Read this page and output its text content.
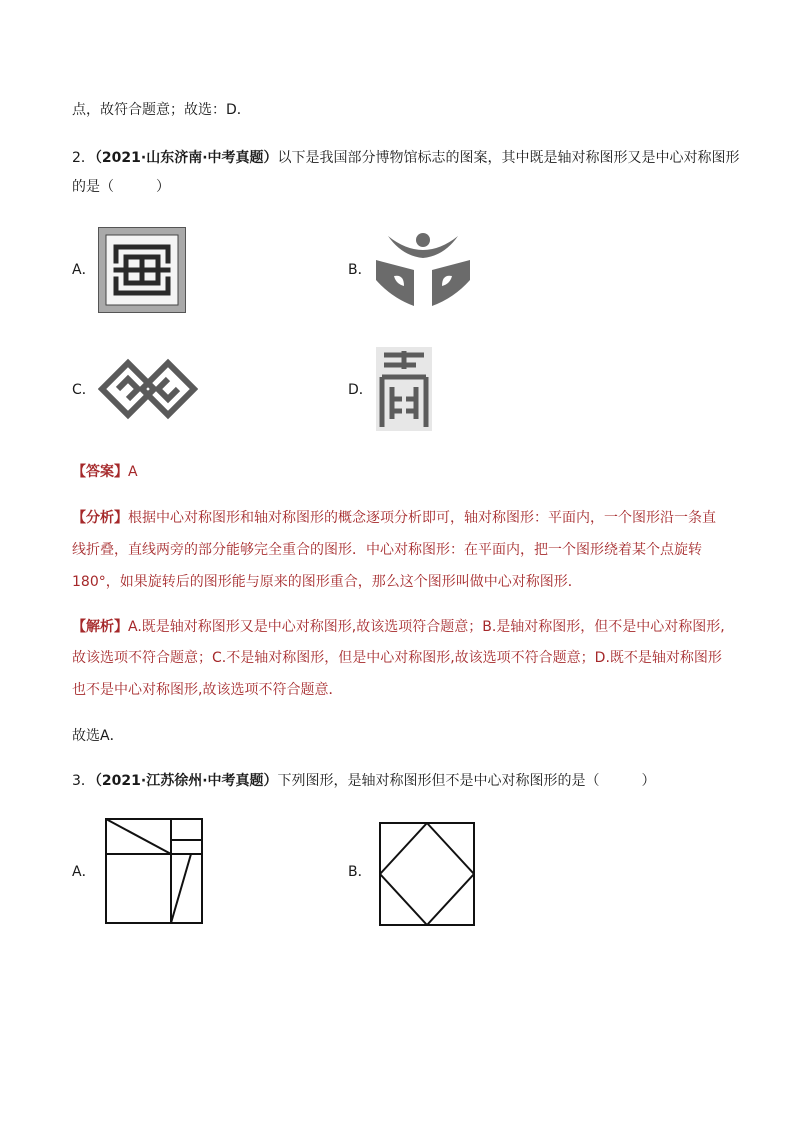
点，故符合题意；故选：D．
2．（2021·山东济南·中考真题）以下是我国部分博物馆标志的图案，其中既是轴对称图形又是中心对称图形
的是（　　　）
A．	B．
C．	D．
【答案】A
【分析】根据中心对称图形和轴对称图形的概念逐项分析即可，轴对称图形：平面内，一个图形沿一条直
线折叠，直线两旁的部分能够完全重合的图形．中心对称图形：在平面内，把一个图形绕着某个点旋转
180°，如果旋转后的图形能与原来的图形重合，那么这个图形叫做中心对称图形．
【解析】A.既是轴对称图形又是中心对称图形,故该选项符合题意；B.是轴对称图形，但不是中心对称图形,
故该选项不符合题意；C.不是轴对称图形，但是中心对称图形,故该选项不符合题意；D.既不是轴对称图形
也不是中心对称图形,故该选项不符合题意．
故选A．
3．（2021·江苏徐州·中考真题）下列图形，是轴对称图形但不是中心对称图形的是（　　　）
A．	B．
